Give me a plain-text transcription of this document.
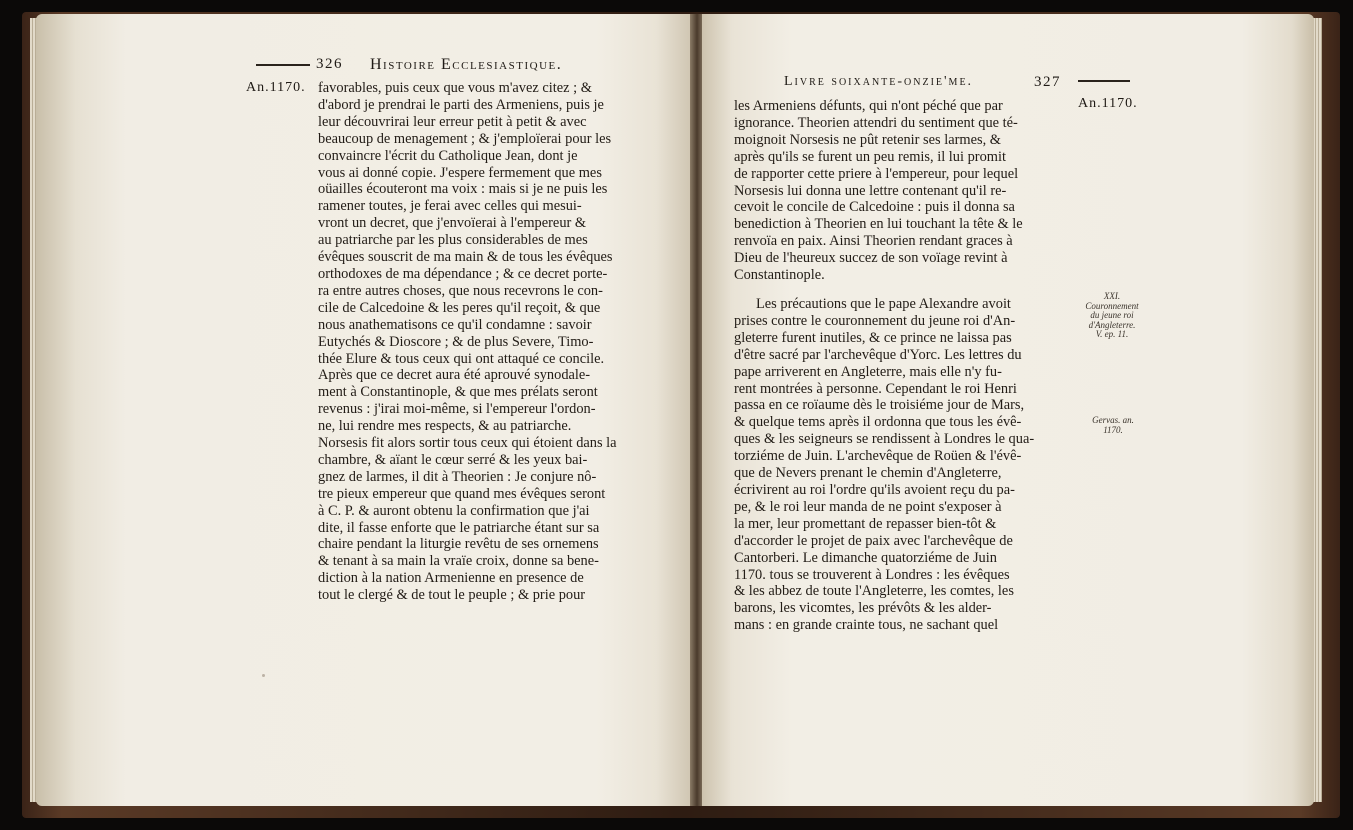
An.1170.
326 Histoire Ecclesiastique.

favorables, puis ceux que vous m'avez citez ; &

d'abord je prendrai le parti des Armeniens, puis je

leur découvrirai leur erreur petit à petit & avec

beaucoup de menagement ; & j'emploïerai pour les

convaincre l'écrit du Catholique Jean, dont je

vous ai donné copie. J'espere fermement que mes

oüailles écouteront ma voix : mais si je ne puis les

ramener toutes, je ferai avec celles qui mesui-

vront un decret, que j'envoïerai à l'empereur &

au patriarche par les plus considerables de mes

évêques souscrit de ma main & de tous les évêques

orthodoxes de ma dépendance ; & ce decret porte-

ra entre autres choses, que nous recevrons le con-

cile de Calcedoine & les peres qu'il reçoit, & que

nous anathematisons ce qu'il condamne : savoir

Eutychés & Dioscore ; & de plus Severe, Timo-

thée Elure & tous ceux qui ont attaqué ce concile.

Après que ce decret aura été aprouvé synodale-

ment à Constantinople, & que mes prélats seront

revenus : j'irai moi-même, si l'empereur l'ordon-

ne, lui rendre mes respects, & au patriarche.

Norsesis fit alors sortir tous ceux qui étoient dans la

chambre, & aïant le cœur serré & les yeux bai-

gnez de larmes, il dit à Theorien : Je conjure nô-

tre pieux empereur que quand mes évêques seront

à C. P. & auront obtenu la confirmation que j'ai

dite, il fasse enforte que le patriarche étant sur sa

chaire pendant la liturgie revêtu de ses ornemens

& tenant à sa main la vraïe croix, donne sa bene-

diction à la nation Armenienne en presence de

tout le clergé & de tout le peuple ; & prie pour

Livre soixante-onzie'me.	327
An.1170.

les Armeniens défunts, qui n'ont péché que par

ignorance. Theorien attendri du sentiment que té-

moignoit Norsesis ne pût retenir ses larmes, &

après qu'ils se furent un peu remis, il lui promit

de rapporter cette priere à l'empereur, pour lequel

Norsesis lui donna une lettre contenant qu'il re-

cevoit le concile de Calcedoine : puis il donna sa

benediction à Theorien en lui touchant la tête & le

renvoïa en paix. Ainsi Theorien rendant graces à

Dieu de l'heureux succez de son voïage revint à

Constantinople.

Les précautions que le pape Alexandre avoit

prises contre le couronnement du jeune roi d'An-

gleterre furent inutiles, & ce prince ne laissa pas

d'être sacré par l'archevêque d'Yorc. Les lettres du

pape arriverent en Angleterre, mais elle n'y fu-

rent montrées à personne. Cependant le roi Henri

passa en ce roïaume dès le troisiéme jour de Mars,

& quelque tems après il ordonna que tous les évê-

ques & les seigneurs se rendissent à Londres le qua-

torziéme de Juin. L'archevêque de Roüen & l'évê-

que de Nevers prenant le chemin d'Angleterre,

écrivirent au roi l'ordre qu'ils avoient reçu du pa-

pe, & le roi leur manda de ne point s'exposer à

la mer, leur promettant de repasser bien-tôt &

d'accorder le projet de paix avec l'archevêque de

Cantorberi. Le dimanche quatorziéme de Juin

1170. tous se trouverent à Londres : les évêques

& les abbez de toute l'Angleterre, les comtes, les

barons, les vicomtes, les prévôts & les alder-

mans : en grande crainte tous, ne sachant quel

XXI.
Couronnement
du jeune roi
d'Angleterre.
V. ep. 11.
Gervas. an.
1170.
